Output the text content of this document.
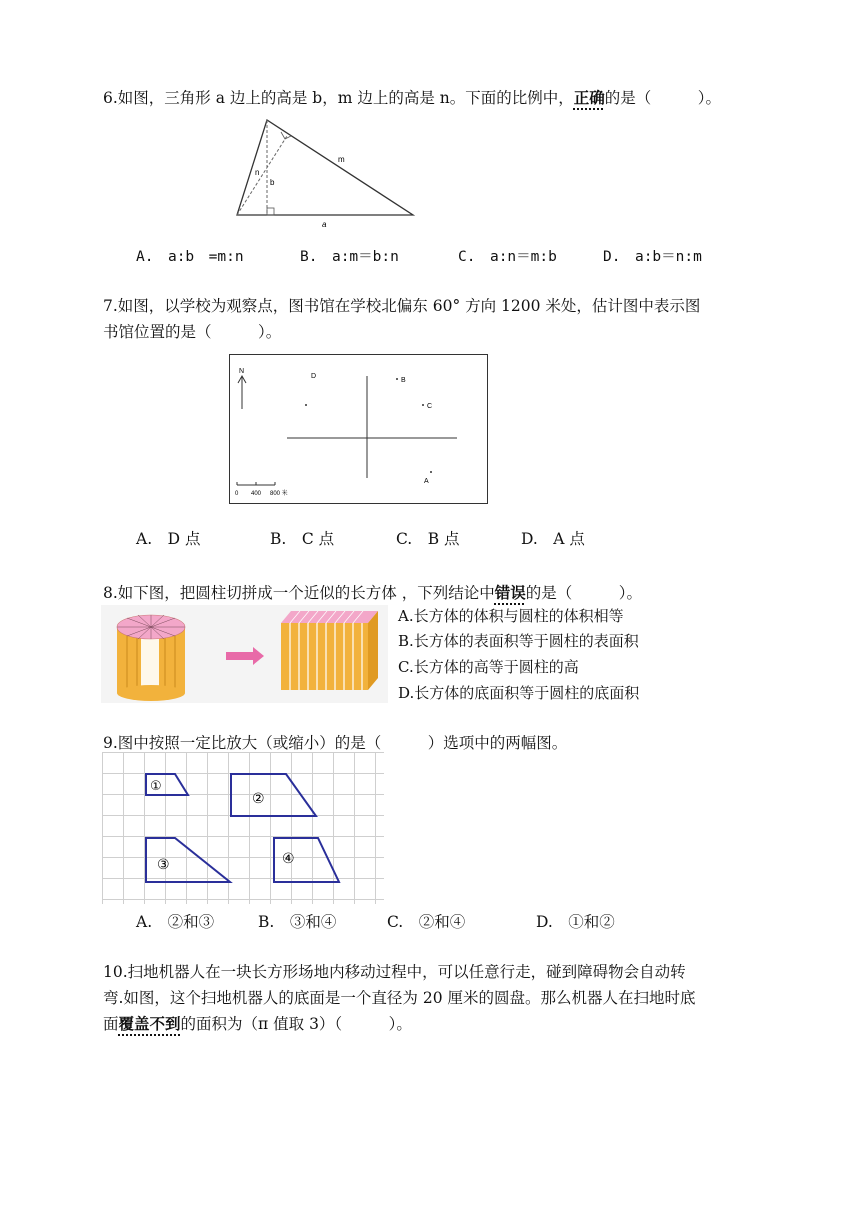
6.如图，三角形 a 边上的高是 b，m 边上的高是 n。下面的比例中，正确的是（　　　）。
n
b
m
a
A.　a:b　=m:n	B.　a:m＝b:n	C.　a:n＝m:b	D.　a:b＝n:m
7.如图，以学校为观察点，图书馆在学校北偏东 60° 方向 1200 米处，估计图中表示图
书馆位置的是（　　　）。
N
D
B
C
A
0 400 800 米
A.　D 点	B.　C 点	C.　B 点	D.　A 点
8.如下图，把圆柱切拼成一个近似的长方体 ，下列结论中错误的是（　　　）。
A.长方体的体积与圆柱的体积相等
B.长方体的表面积等于圆柱的表面积
C.长方体的高等于圆柱的高
D.长方体的底面积等于圆柱的底面积
9.图中按照一定比放大（或缩小）的是（　　　）选项中的两幅图。
①
②
③	④
A.　②和③	B.　③和④	C.　②和④	D.　①和②
10.扫地机器人在一块长方形场地内移动过程中，可以任意行走，碰到障碍物会自动转
弯.如图，这个扫地机器人的底面是一个直径为 20 厘米的圆盘。那么机器人在扫地时底
面覆盖不到的面积为（π 值取 3）（　　　）。
